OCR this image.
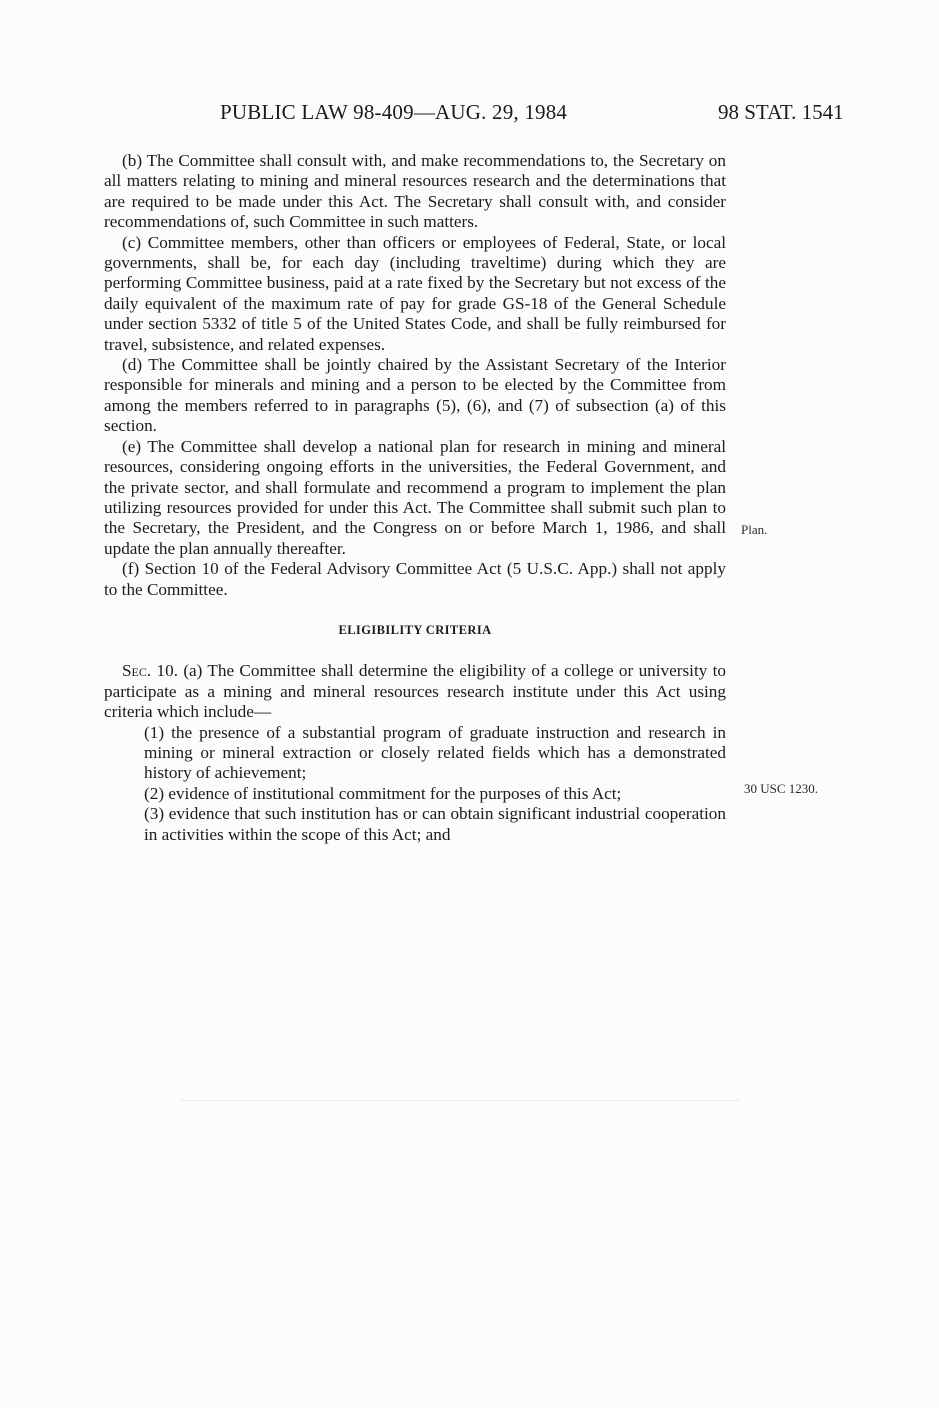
PUBLIC LAW 98-409—AUG. 29, 1984	98 STAT. 1541

(b) The Committee shall consult with, and make recommendations to, the Secretary on all matters relating to mining and mineral resources research and the determinations that are required to be made under this Act. The Secretary shall consult with, and consider recommendations of, such Committee in such matters.

(c) Committee members, other than officers or employees of Federal, State, or local governments, shall be, for each day (including traveltime) during which they are performing Committee business, paid at a rate fixed by the Secretary but not excess of the daily equivalent of the maximum rate of pay for grade GS-18 of the General Schedule under section 5332 of title 5 of the United States Code, and shall be fully reimbursed for travel, subsistence, and related expenses.

(d) The Committee shall be jointly chaired by the Assistant Secretary of the Interior responsible for minerals and mining and a person to be elected by the Committee from among the members referred to in paragraphs (5), (6), and (7) of subsection (a) of this section.

(e) The Committee shall develop a national plan for research in mining and mineral resources, considering ongoing efforts in the universities, the Federal Government, and the private sector, and shall formulate and recommend a program to implement the plan utilizing resources provided for under this Act. The Committee shall submit such plan to the Secretary, the President, and the Congress on or before March 1, 1986, and shall update the plan annually thereafter.

(f) Section 10 of the Federal Advisory Committee Act (5 U.S.C. App.) shall not apply to the Committee.

ELIGIBILITY CRITERIA

Sec. 10. (a) The Committee shall determine the eligibility of a college or university to participate as a mining and mineral resources research institute under this Act using criteria which include—

(1) the presence of a substantial program of graduate instruction and research in mining or mineral extraction or closely related fields which has a demonstrated history of achievement;

(2) evidence of institutional commitment for the purposes of this Act;

(3) evidence that such institution has or can obtain significant industrial cooperation in activities within the scope of this Act; and

Plan.
30 USC 1230.
